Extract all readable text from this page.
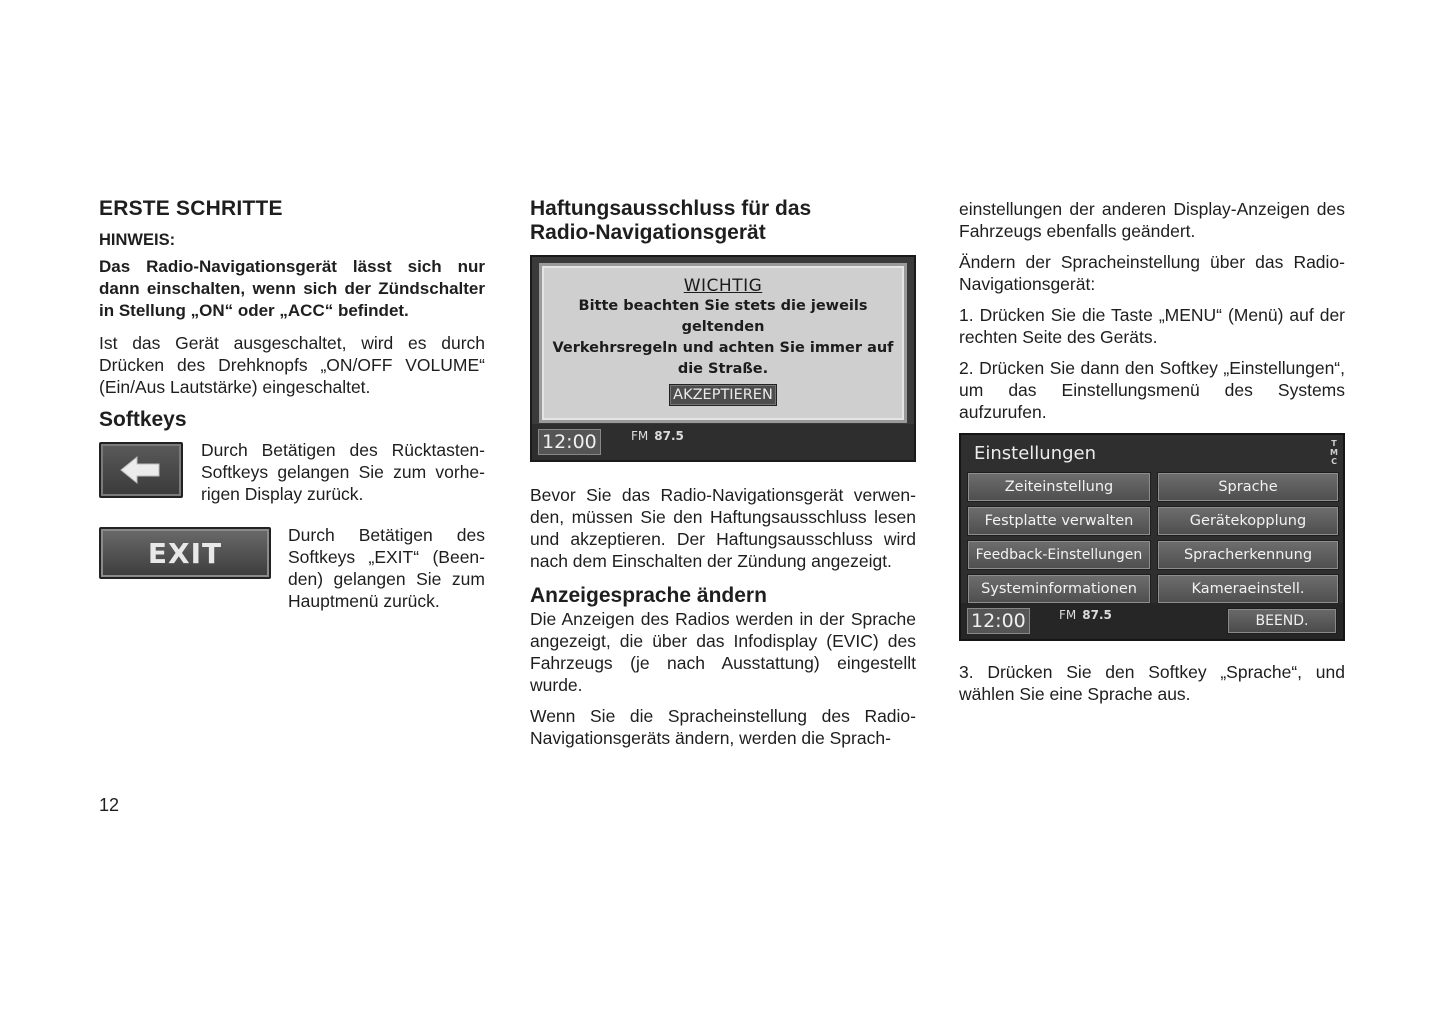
ERSTE SCHRITTE

HINWEIS:

Das Radio-Navigationsgerät lässt sich nur dann einschalten, wenn sich der Zündschalter in Stellung „ON“ oder „ACC“ befindet.

Ist das Gerät ausgeschaltet, wird es durch Drücken des Drehknopfs „ON/OFF VOLUME“ (Ein/Aus Lautstärke) eingeschaltet.

Softkeys

Durch Betätigen des Rücktasten-Softkeys gelangen Sie zum vorherigen Display zurück.

EXIT

Durch Betätigen des Softkeys „EXIT“ (Beenden) gelangen Sie zum Hauptmenü zurück.

Haftungsausschluss für das

Radio-Navigationsgerät

WICHTIG
Bitte beachten Sie stets die jeweils
geltenden
Verkehrsregeln und achten Sie immer auf
die Straße.
AKZEPTIEREN
12:00	FM 87.5

Bevor Sie das Radio-Navigationsgerät verwenden, müssen Sie den Haftungsausschluss lesen und akzeptieren. Der Haftungsausschluss wird nach dem Einschalten der Zündung angezeigt.

Anzeigesprache ändern

Die Anzeigen des Radios werden in der Sprache angezeigt, die über das Infodisplay (EVIC) des Fahrzeugs (je nach Ausstattung) eingestellt wurde.

Wenn Sie die Spracheinstellung des Radio-Navigationsgeräts ändern, werden die Sprach-

einstellungen der anderen Display-Anzeigen des Fahrzeugs ebenfalls geändert.

Ändern der Spracheinstellung über das Radio-Navigationsgerät:

1. Drücken Sie die Taste „MENU“ (Menü) auf der rechten Seite des Geräts.

2. Drücken Sie dann den Softkey „Einstellungen“, um das Einstellungsmenü des Systems aufzurufen.

Einstellungen	T
M
C
Zeiteinstellung	Sprache
Festplatte verwalten	Gerätekopplung
Feedback-Einstellungen	Spracherkennung
Systeminformationen	Kameraeinstell.
12:00	FM 87.5	BEEND.

3. Drücken Sie den Softkey „Sprache“, und wählen Sie eine Sprache aus.

12
